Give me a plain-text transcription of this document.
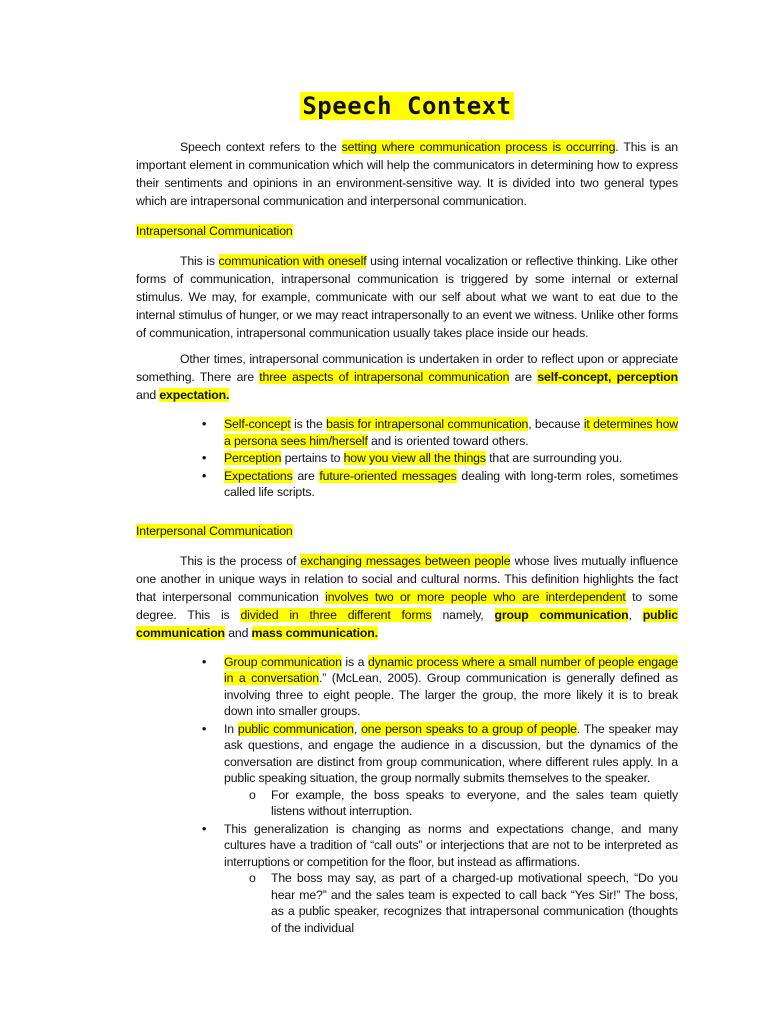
Speech Context

Speech context refers to the setting where communication process is occurring. This is an important element in communication which will help the communicators in determining how to express their sentiments and opinions in an environment-sensitive way. It is divided into two general types which are intrapersonal communication and interpersonal communication.

Intrapersonal Communication

This is communication with oneself using internal vocalization or reflective thinking. Like other forms of communication, intrapersonal communication is triggered by some internal or external stimulus. We may, for example, communicate with our self about what we want to eat due to the internal stimulus of hunger, or we may react intrapersonally to an event we witness. Unlike other forms of communication, intrapersonal communication usually takes place inside our heads.

Other times, intrapersonal communication is undertaken in order to reflect upon or appreciate something. There are three aspects of intrapersonal communication are self-concept, perception and expectation.

• Self-concept is the basis for intrapersonal communication, because it determines how a persona sees him/herself and is oriented toward others.
• Perception pertains to how you view all the things that are surrounding you.
• Expectations are future-oriented messages dealing with long-term roles, sometimes called life scripts.

Interpersonal Communication

This is the process of exchanging messages between people whose lives mutually influence one another in unique ways in relation to social and cultural norms. This definition highlights the fact that interpersonal communication involves two or more people who are interdependent to some degree. This is divided in three different forms namely, group communication, public communication and mass communication.

• Group communication is a dynamic process where a small number of people engage in a conversation.” (McLean, 2005). Group communication is generally defined as involving three to eight people. The larger the group, the more likely it is to break down into smaller groups.
• In public communication, one person speaks to a group of people. The speaker may ask questions, and engage the audience in a discussion, but the dynamics of the conversation are distinct from group communication, where different rules apply. In a public speaking situation, the group normally submits themselves to the speaker.
o For example, the boss speaks to everyone, and the sales team quietly listens without interruption.
• This generalization is changing as norms and expectations change, and many cultures have a tradition of “call outs” or interjections that are not to be interpreted as interruptions or competition for the floor, but instead as affirmations.
o The boss may say, as part of a charged-up motivational speech, “Do you hear me?” and the sales team is expected to call back “Yes Sir!” The boss, as a public speaker, recognizes that intrapersonal communication (thoughts of the individual
